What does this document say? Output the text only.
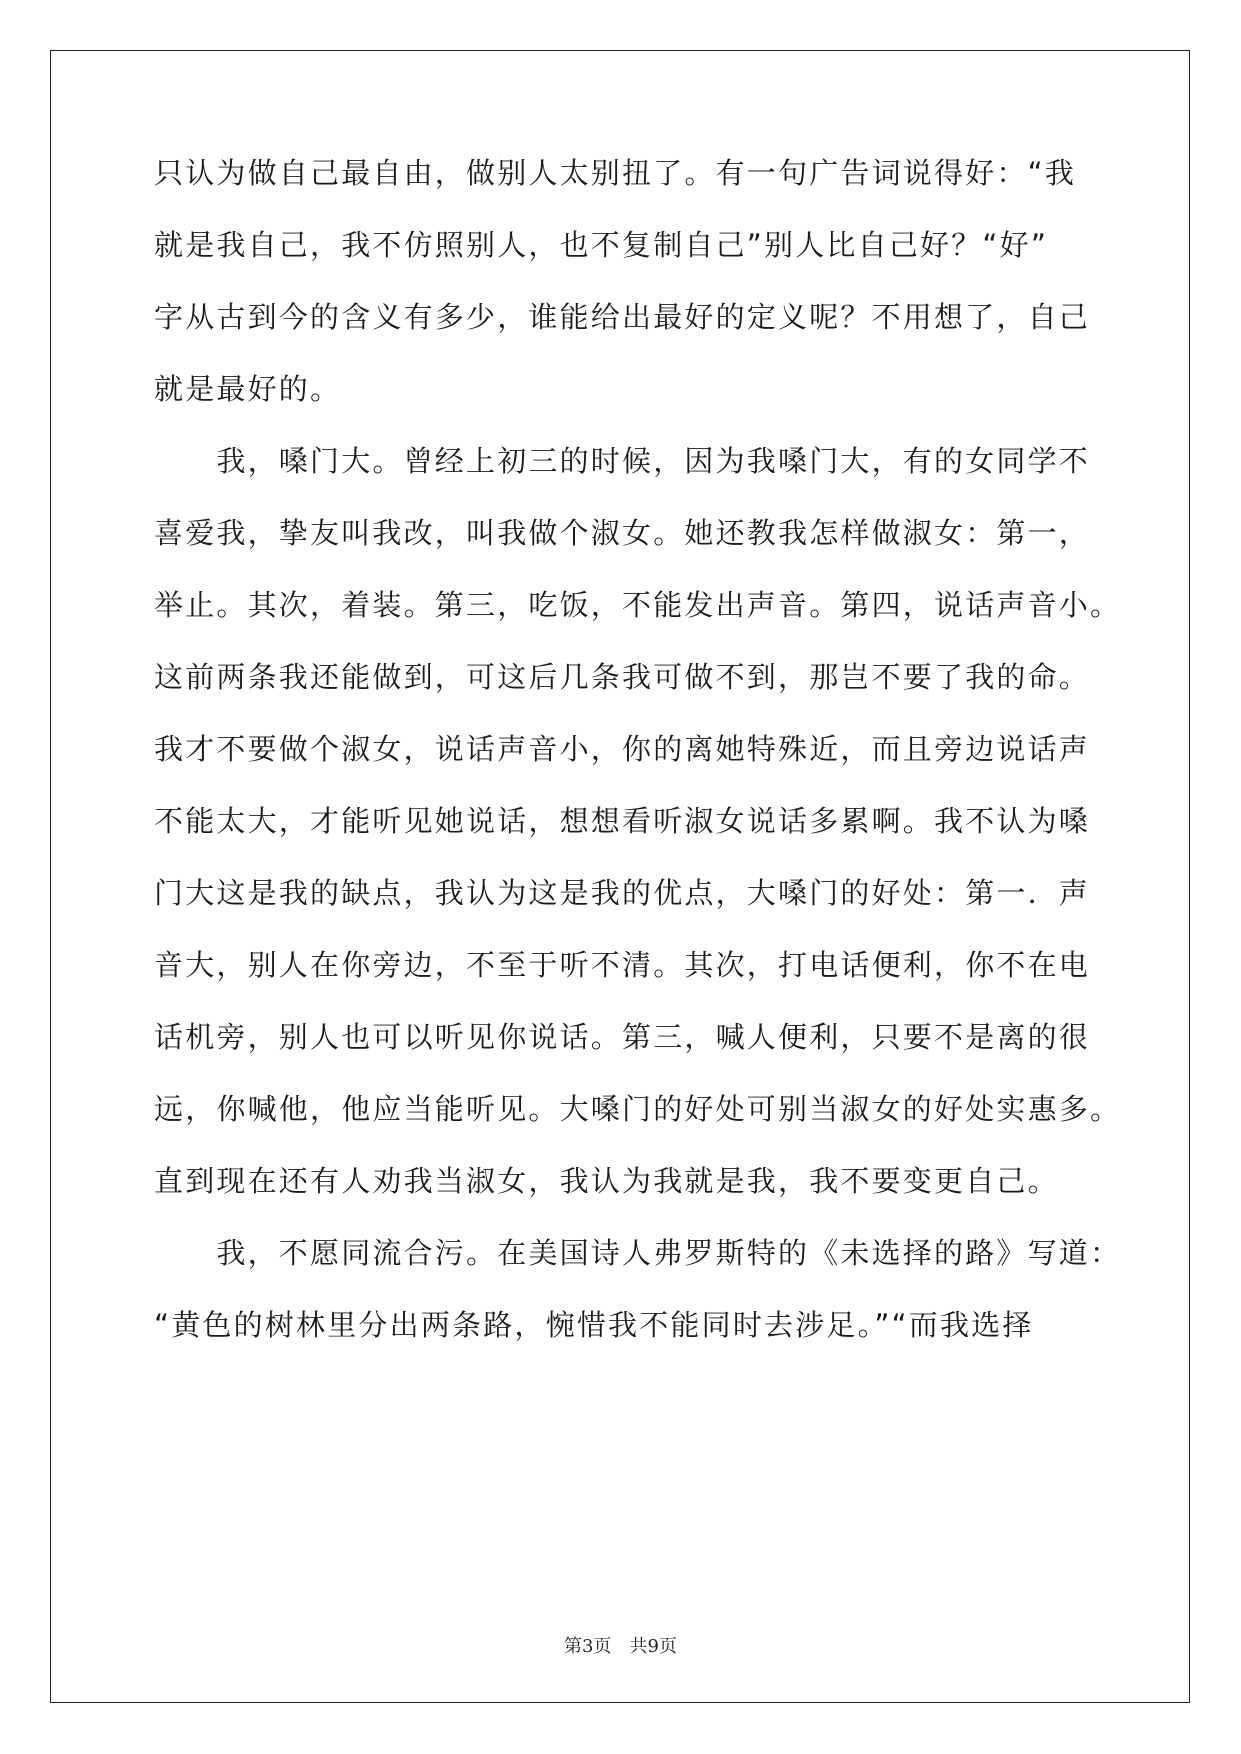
只认为做自己最自由，做别人太别扭了。有一句广告词说得好：“我
就是我自己，我不仿照别人，也不复制自己”别人比自己好？“好”
字从古到今的含义有多少，谁能给出最好的定义呢？不用想了，自己
就是最好的。
　　我，嗓门大。曾经上初三的时候，因为我嗓门大，有的女同学不
喜爱我，挚友叫我改，叫我做个淑女。她还教我怎样做淑女：第一，
举止。其次，着装。第三，吃饭，不能发出声音。第四，说话声音小。
这前两条我还能做到，可这后几条我可做不到，那岂不要了我的命。
我才不要做个淑女，说话声音小，你的离她特殊近，而且旁边说话声
不能太大，才能听见她说话，想想看听淑女说话多累啊。我不认为嗓
门大这是我的缺点，我认为这是我的优点，大嗓门的好处：第一．声
音大，别人在你旁边，不至于听不清。其次，打电话便利，你不在电
话机旁，别人也可以听见你说话。第三，喊人便利，只要不是离的很
远，你喊他，他应当能听见。大嗓门的好处可别当淑女的好处实惠多。
直到现在还有人劝我当淑女，我认为我就是我，我不要变更自己。
　　我，不愿同流合污。在美国诗人弗罗斯特的《未选择的路》写道：
“黄色的树林里分出两条路，惋惜我不能同时去涉足。”“而我选择
第3页　共9页
